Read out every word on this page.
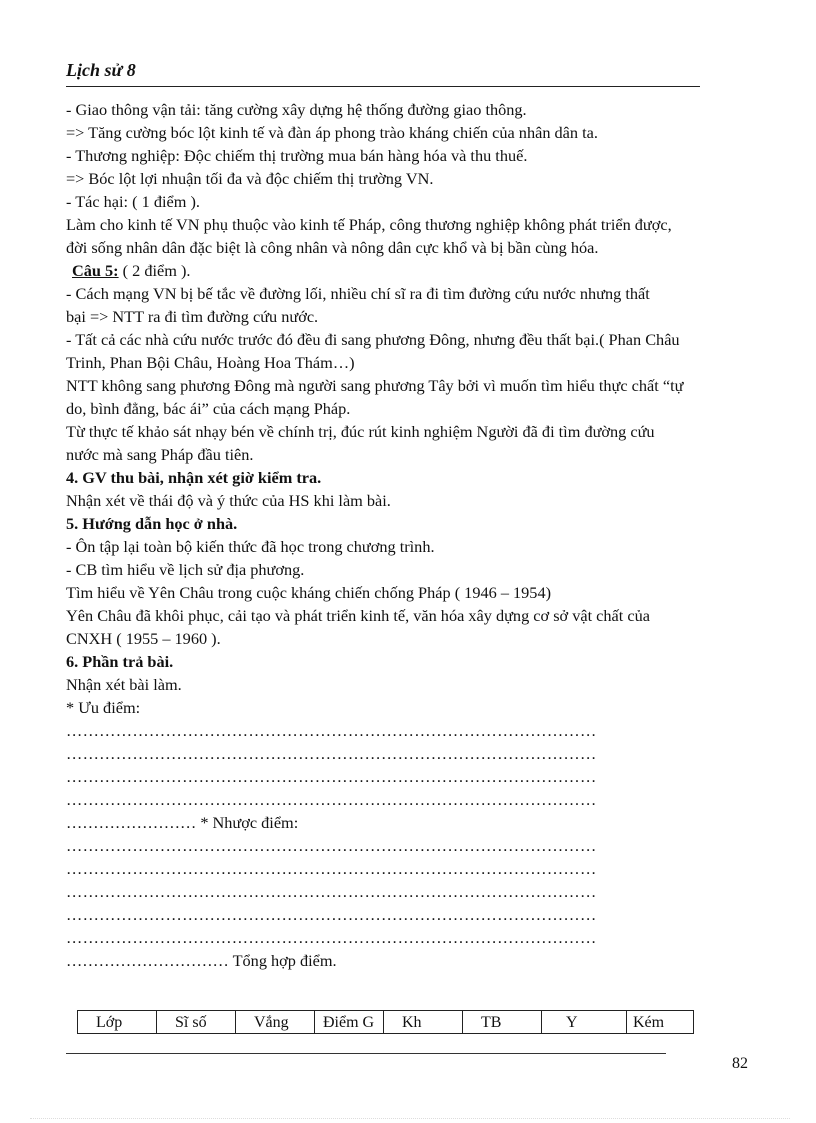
Lịch sử 8
- Giao thông vận tải: tăng cường xây dựng hệ thống đường giao thông.
=> Tăng cường bóc lột kinh tế và đàn áp phong trào kháng chiến của nhân dân ta.
- Thương nghiệp: Độc chiếm thị trường mua bán hàng hóa và thu thuế.
=> Bóc lột lợi nhuận tối đa và độc chiếm thị trường VN.
- Tác hại: ( 1 điểm ).
Làm cho kinh tế VN phụ thuộc vào kinh tế Pháp, công thương nghiệp không phát triển được, đời sống nhân dân đặc biệt là công nhân và nông dân cực khổ và bị bần cùng hóa.
Câu 5: ( 2 điểm ).
- Cách mạng VN bị bế tắc về đường lối, nhiều chí sĩ ra đi tìm đường cứu nước nhưng thất bại => NTT ra đi tìm đường cứu nước.
- Tất cả các nhà cứu nước trước đó đều đi sang phương Đông, nhưng đều thất bại.( Phan Châu Trinh, Phan Bội Châu, Hoàng Hoa Thám…)
NTT không sang phương Đông mà người sang phương Tây bởi vì muốn tìm hiểu thực chất “tự do, bình đẳng, bác ái” của cách mạng Pháp.
Từ thực tế khảo sát nhạy bén về chính trị, đúc rút kinh nghiệm Người đã đi tìm đường cứu nước mà sang Pháp đầu tiên.
4. GV thu bài, nhận xét giờ kiểm tra.
Nhận xét về thái độ và ý thức của HS khi làm bài.
5. Hướng dẫn học ở nhà.
- Ôn tập lại toàn bộ kiến thức đã học trong chương trình.
- CB tìm hiểu về lịch sử địa phương.
Tìm hiểu về Yên Châu trong cuộc kháng chiến chống Pháp ( 1946 – 1954)
Yên Châu đã khôi phục, cải tạo và phát triển kinh tế, văn hóa xây dựng cơ sở vật chất của CNXH ( 1955 – 1960 ).
6. Phần trả bài.
Nhận xét bài làm.
* Ưu điểm:
……………………………………………………………………………………
……………………………………………………………………………………
……………………………………………………………………………………
……………………………………………………………………………………
…………………… * Nhược điểm:
……………………………………………………………………………………
……………………………………………………………………………………
……………………………………………………………………………………
……………………………………………………………………………………
……………………………………………………………………………………
………………………… Tổng hợp điểm.
Lớp	Sĩ số	Vắng	Điểm G	Kh	TB	Y	Kém
82
